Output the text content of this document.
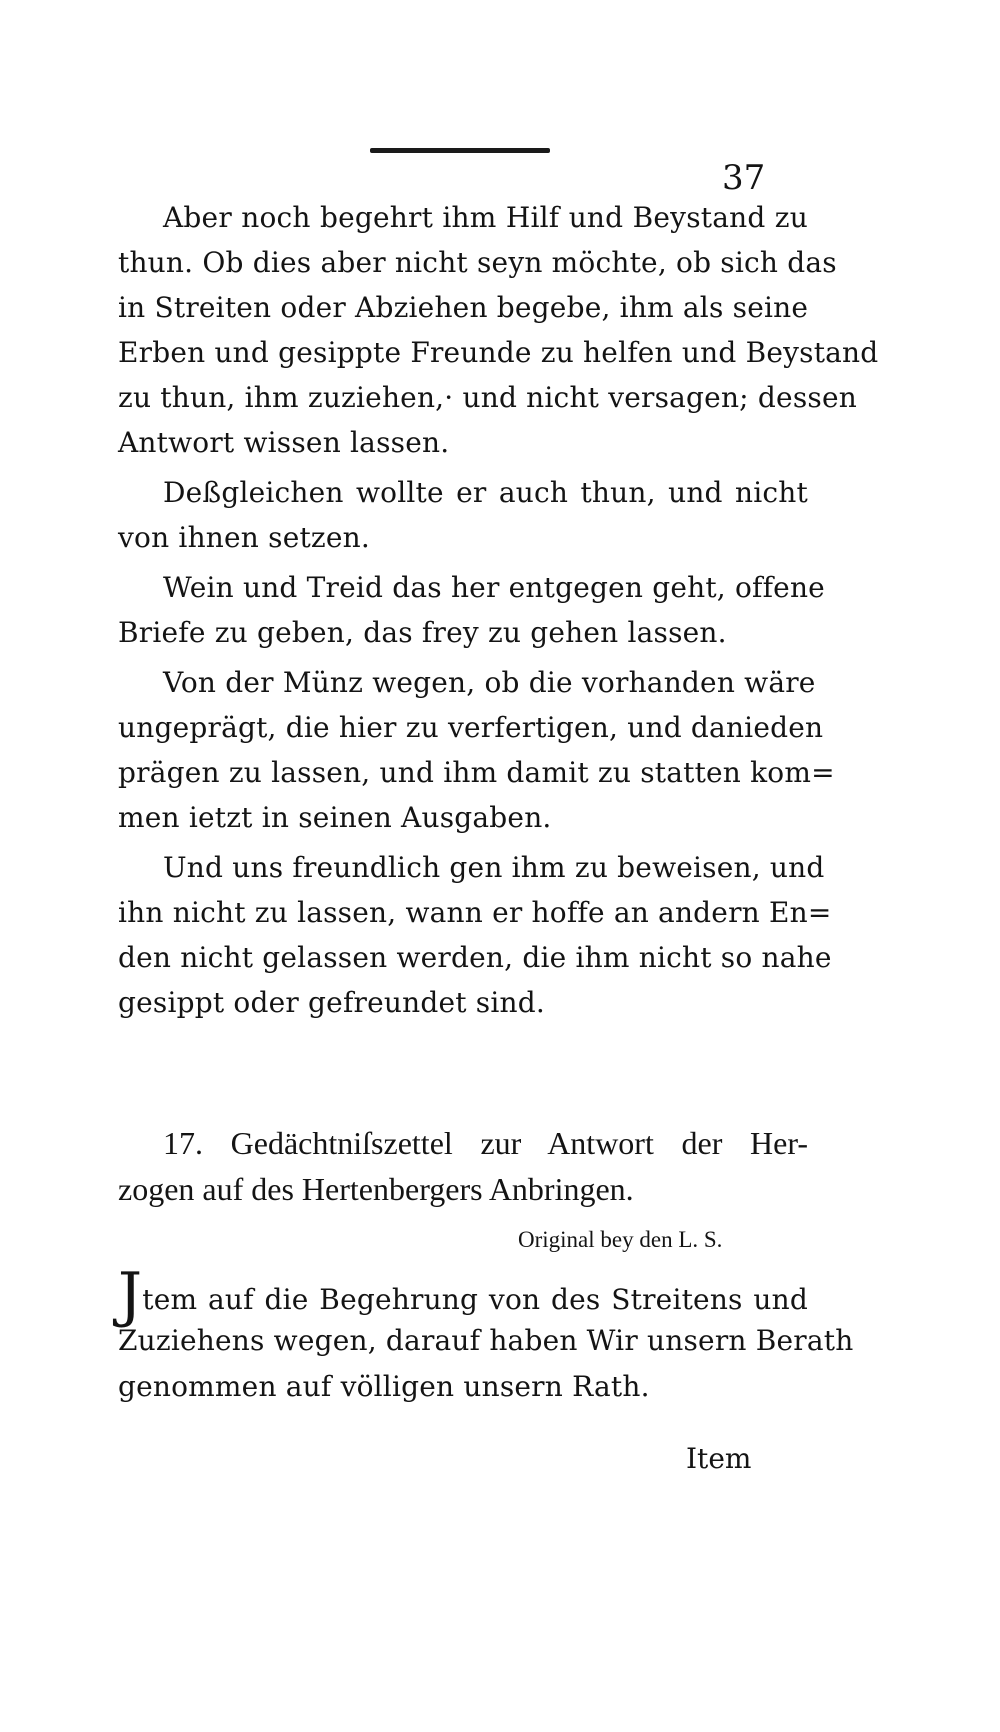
37
Aber noch begehrt ihm Hilf und Beystand zu
thun. Ob dies aber nicht seyn möchte, ob sich das
in Streiten oder Abziehen begebe, ihm als seine
Erben und gesippte Freunde zu helfen und Beystand
zu thun, ihm zuziehen,· und nicht versagen; dessen
Antwort wissen lassen.
Deßgleichen wollte er auch thun, und nicht
von ihnen setzen.
Wein und Treid das her entgegen geht, offene
Briefe zu geben, das frey zu gehen lassen.
Von der Münz wegen, ob die vorhanden wäre
ungeprägt, die hier zu verfertigen, und danieden
prägen zu lassen, und ihm damit zu statten kom=
men ietzt in seinen Ausgaben.
Und uns freundlich gen ihm zu beweisen, und
ihn nicht zu lassen, wann er hoffe an andern En=
den nicht gelassen werden, die ihm nicht so nahe
gesippt oder gefreundet sind.
17. Gedächtniſszettel zur Antwort der Her-
zogen auf des Hertenbergers Anbringen.
Original bey den L. S.
Jtem auf die Begehrung von des Streitens und
Zuziehens wegen, darauf haben Wir unsern Berath
genommen auf völligen unsern Rath.
Item
